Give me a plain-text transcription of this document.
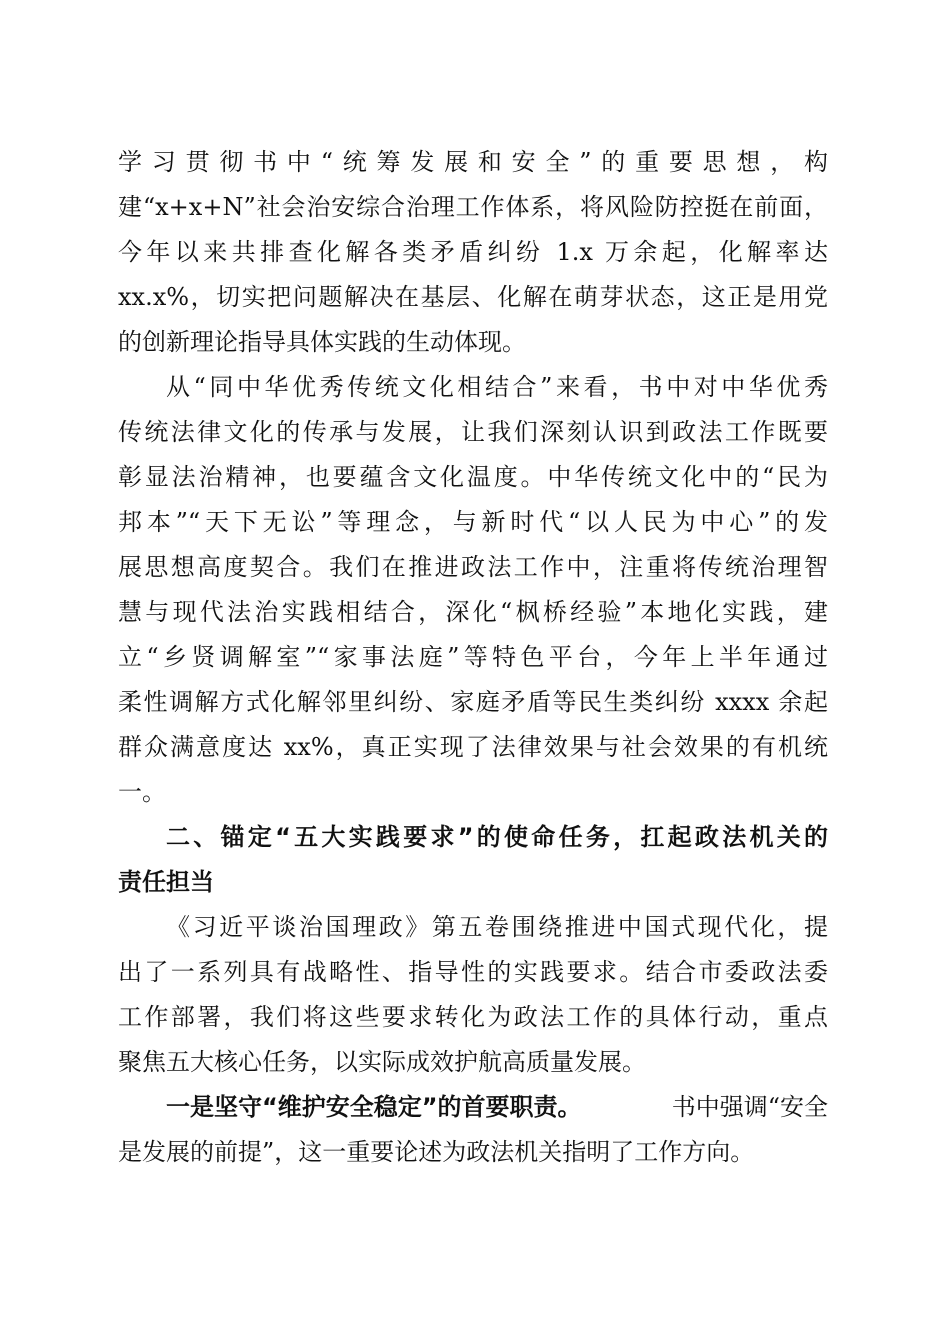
学习贯彻书中“统筹发展和安全”的重要思想，构
建“x+x+N”社会治安综合治理工作体系，将风险防控挺在前面，
今年以来共排查化解各类矛盾纠纷 1.x 万余起，化解率达
xx.x%，切实把问题解决在基层、化解在萌芽状态，这正是用党
的创新理论指导具体实践的生动体现。
从“同中华优秀传统文化相结合”来看，书中对中华优秀
传统法律文化的传承与发展，让我们深刻认识到政法工作既要
彰显法治精神，也要蕴含文化温度。中华传统文化中的“民为
邦本”“天下无讼”等理念，与新时代“以人民为中心”的发
展思想高度契合。我们在推进政法工作中，注重将传统治理智
慧与现代法治实践相结合，深化“枫桥经验”本地化实践，建
立“乡贤调解室”“家事法庭”等特色平台，今年上半年通过
柔性调解方式化解邻里纠纷、家庭矛盾等民生类纠纷 xxxx 余起
群众满意度达 xx%，真正实现了法律效果与社会效果的有机统
一。
二、锚定“五大实践要求”的使命任务，扛起政法机关的
责任担当
《习近平谈治国理政》第五卷围绕推进中国式现代化，提
出了一系列具有战略性、指导性的实践要求。结合市委政法委
工作部署，我们将这些要求转化为政法工作的具体行动，重点
聚焦五大核心任务，以实际成效护航高质量发展。
一是坚守“维护安全稳定”的首要职责。	书中强调“安全
是发展的前提”，这一重要论述为政法机关指明了工作方向。
